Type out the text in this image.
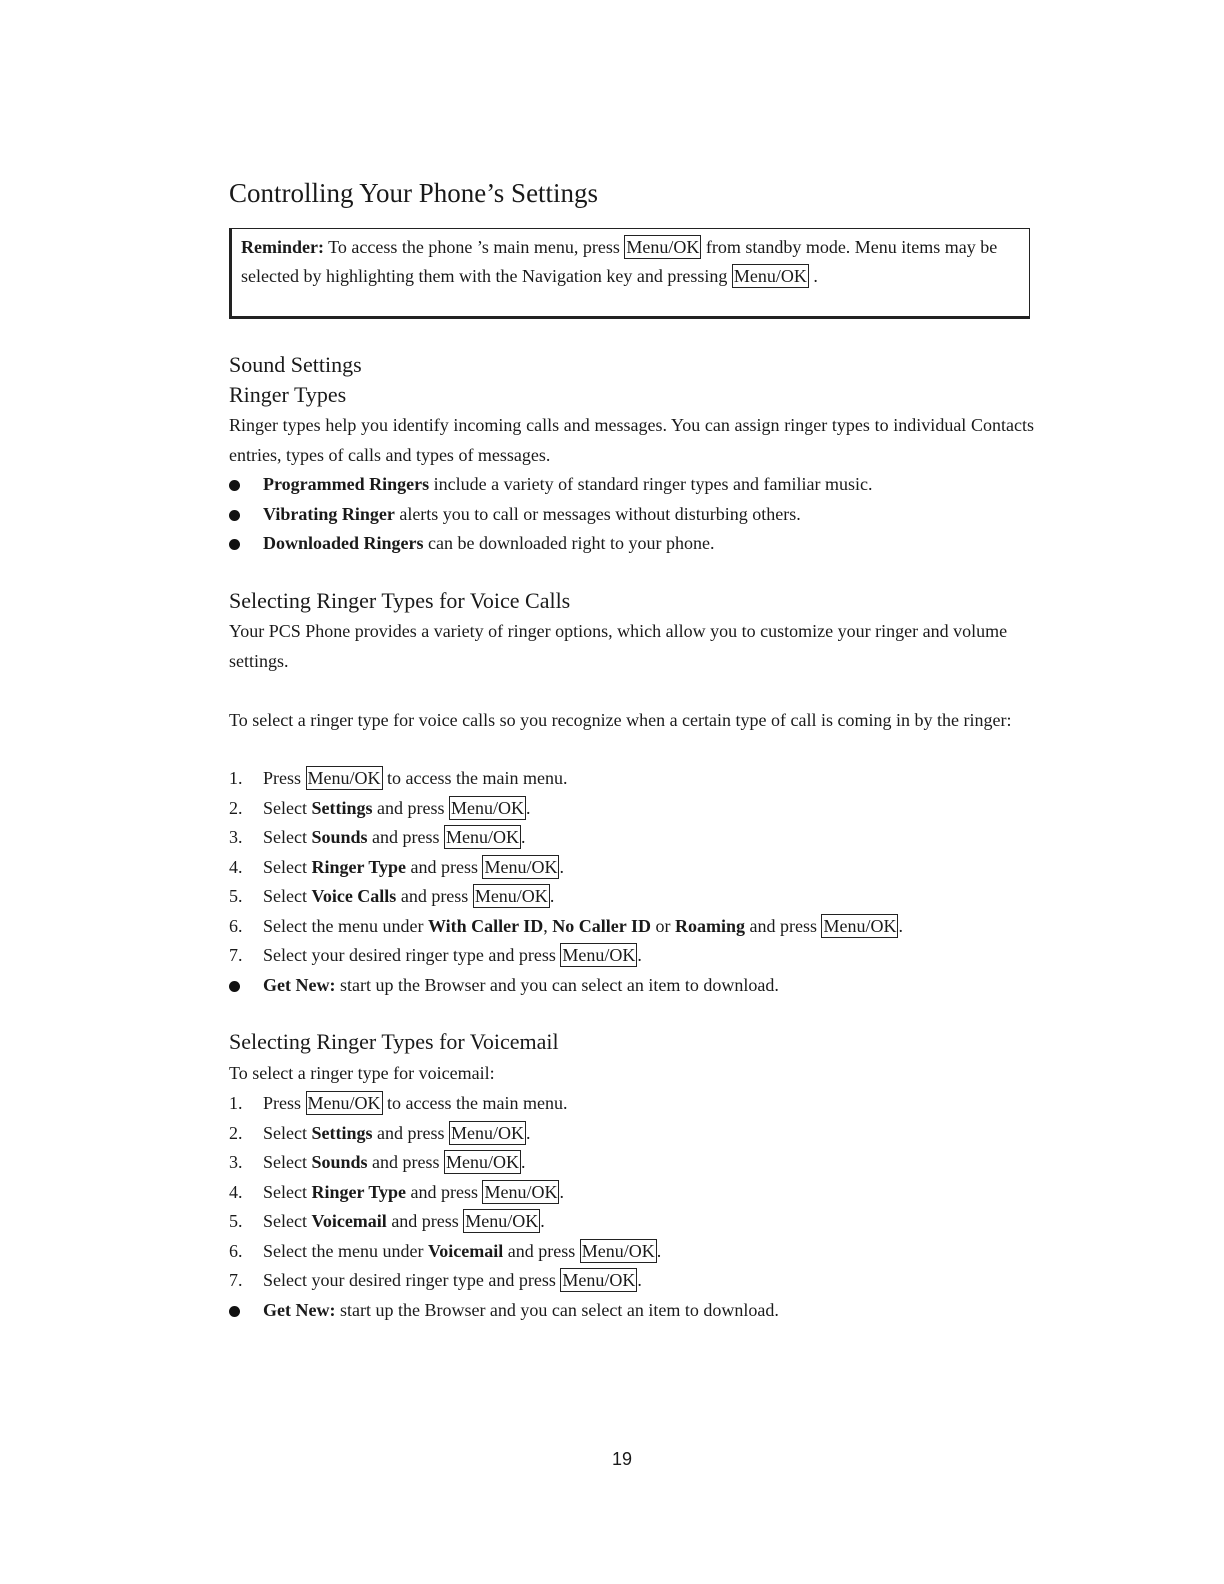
Controlling Your Phone’s Settings
Reminder: To access the phone ’s main menu, press Menu/OK from standby mode. Menu items may be selected by highlighting them with the Navigation key and pressing Menu/OK .
Sound Settings
Ringer Types

Ringer types help you identify incoming calls and messages. You can assign ringer types to individual Contacts entries, types of calls and types of messages.

Programmed Ringers include a variety of standard ringer types and familiar music.
Vibrating Ringer alerts you to call or messages without disturbing others.
Downloaded Ringers can be downloaded right to your phone.
Selecting Ringer Types for Voice Calls

Your PCS Phone provides a variety of ringer options, which allow you to customize your ringer and volume settings.

To select a ringer type for voice calls so you recognize when a certain type of call is coming in by the ringer:

1.	Press Menu/OK to access the main menu.
2.	Select Settings and press Menu/OK .
3.	Select Sounds and press Menu/OK .
4.	Select Ringer Type and press Menu/OK .
5.	Select Voice Calls and press Menu/OK .
6.	Select the menu under With Caller ID, No Caller ID or Roaming and press Menu/OK .
7.	Select your desired ringer type and press Menu/OK .
Get New: start up the Browser and you can select an item to download.
Selecting Ringer Types for Voicemail

To select a ringer type for voicemail:

1.	Press Menu/OK to access the main menu.
2.	Select Settings and press Menu/OK .
3.	Select Sounds and press Menu/OK .
4.	Select Ringer Type and press Menu/OK .
5.	Select Voicemail and press Menu/OK .
6.	Select the menu under Voicemail and press Menu/OK .
7.	Select your desired ringer type and press Menu/OK .
Get New: start up the Browser and you can select an item to download.
19
